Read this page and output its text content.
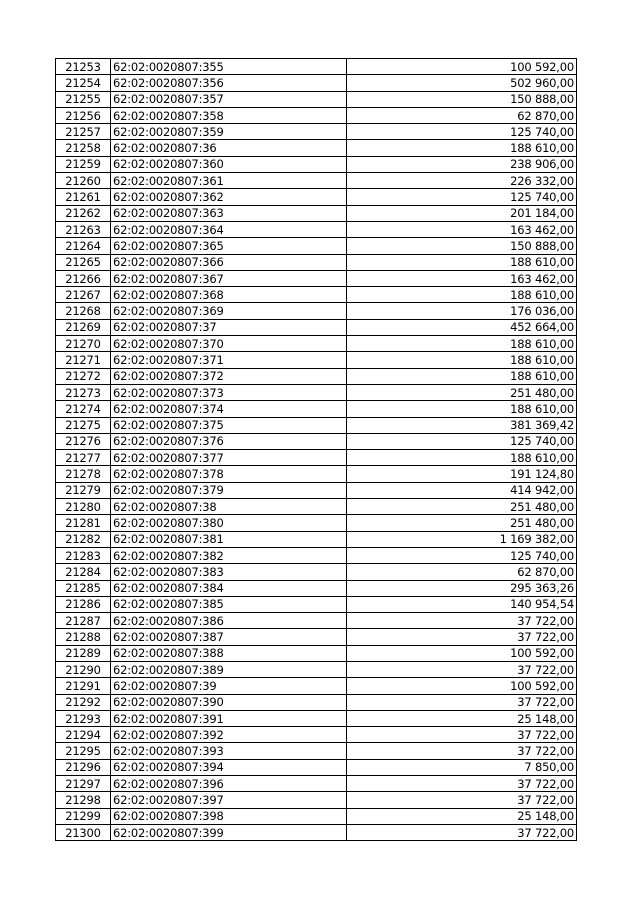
21253	62:02:0020807:355	100 592,00
21254	62:02:0020807:356	502 960,00
21255	62:02:0020807:357	150 888,00
21256	62:02:0020807:358	62 870,00
21257	62:02:0020807:359	125 740,00
21258	62:02:0020807:36	188 610,00
21259	62:02:0020807:360	238 906,00
21260	62:02:0020807:361	226 332,00
21261	62:02:0020807:362	125 740,00
21262	62:02:0020807:363	201 184,00
21263	62:02:0020807:364	163 462,00
21264	62:02:0020807:365	150 888,00
21265	62:02:0020807:366	188 610,00
21266	62:02:0020807:367	163 462,00
21267	62:02:0020807:368	188 610,00
21268	62:02:0020807:369	176 036,00
21269	62:02:0020807:37	452 664,00
21270	62:02:0020807:370	188 610,00
21271	62:02:0020807:371	188 610,00
21272	62:02:0020807:372	188 610,00
21273	62:02:0020807:373	251 480,00
21274	62:02:0020807:374	188 610,00
21275	62:02:0020807:375	381 369,42
21276	62:02:0020807:376	125 740,00
21277	62:02:0020807:377	188 610,00
21278	62:02:0020807:378	191 124,80
21279	62:02:0020807:379	414 942,00
21280	62:02:0020807:38	251 480,00
21281	62:02:0020807:380	251 480,00
21282	62:02:0020807:381	1 169 382,00
21283	62:02:0020807:382	125 740,00
21284	62:02:0020807:383	62 870,00
21285	62:02:0020807:384	295 363,26
21286	62:02:0020807:385	140 954,54
21287	62:02:0020807:386	37 722,00
21288	62:02:0020807:387	37 722,00
21289	62:02:0020807:388	100 592,00
21290	62:02:0020807:389	37 722,00
21291	62:02:0020807:39	100 592,00
21292	62:02:0020807:390	37 722,00
21293	62:02:0020807:391	25 148,00
21294	62:02:0020807:392	37 722,00
21295	62:02:0020807:393	37 722,00
21296	62:02:0020807:394	7 850,00
21297	62:02:0020807:396	37 722,00
21298	62:02:0020807:397	37 722,00
21299	62:02:0020807:398	25 148,00
21300	62:02:0020807:399	37 722,00
